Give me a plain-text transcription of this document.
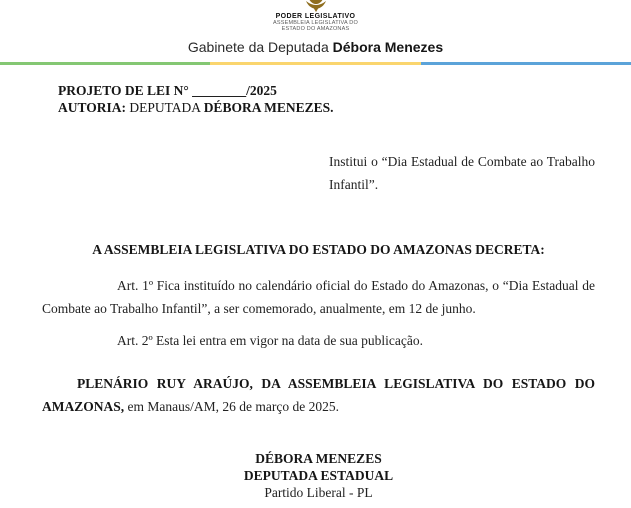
PODER LEGISLATIVO
ASSEMBLEIA LEGISLATIVA DO
ESTADO DO AMAZONAS
Gabinete da Deputada Débora Menezes
PROJETO DE LEI N° ________/2025
AUTORIA: DEPUTADA DÉBORA MENEZES.
Institui o “Dia Estadual de Combate ao Trabalho Infantil”.
A ASSEMBLEIA LEGISLATIVA DO ESTADO DO AMAZONAS DECRETA:
Art. 1º Fica instituído no calendário oficial do Estado do Amazonas, o “Dia Estadual de Combate ao Trabalho Infantil”, a ser comemorado, anualmente, em 12 de junho.
Art. 2º Esta lei entra em vigor na data de sua publicação.
PLENÁRIO RUY ARAÚJO, DA ASSEMBLEIA LEGISLATIVA DO ESTADO DO AMAZONAS, em Manaus/AM, 26 de março de 2025.
DÉBORA MENEZES
DEPUTADA ESTADUAL
Partido Liberal - PL
